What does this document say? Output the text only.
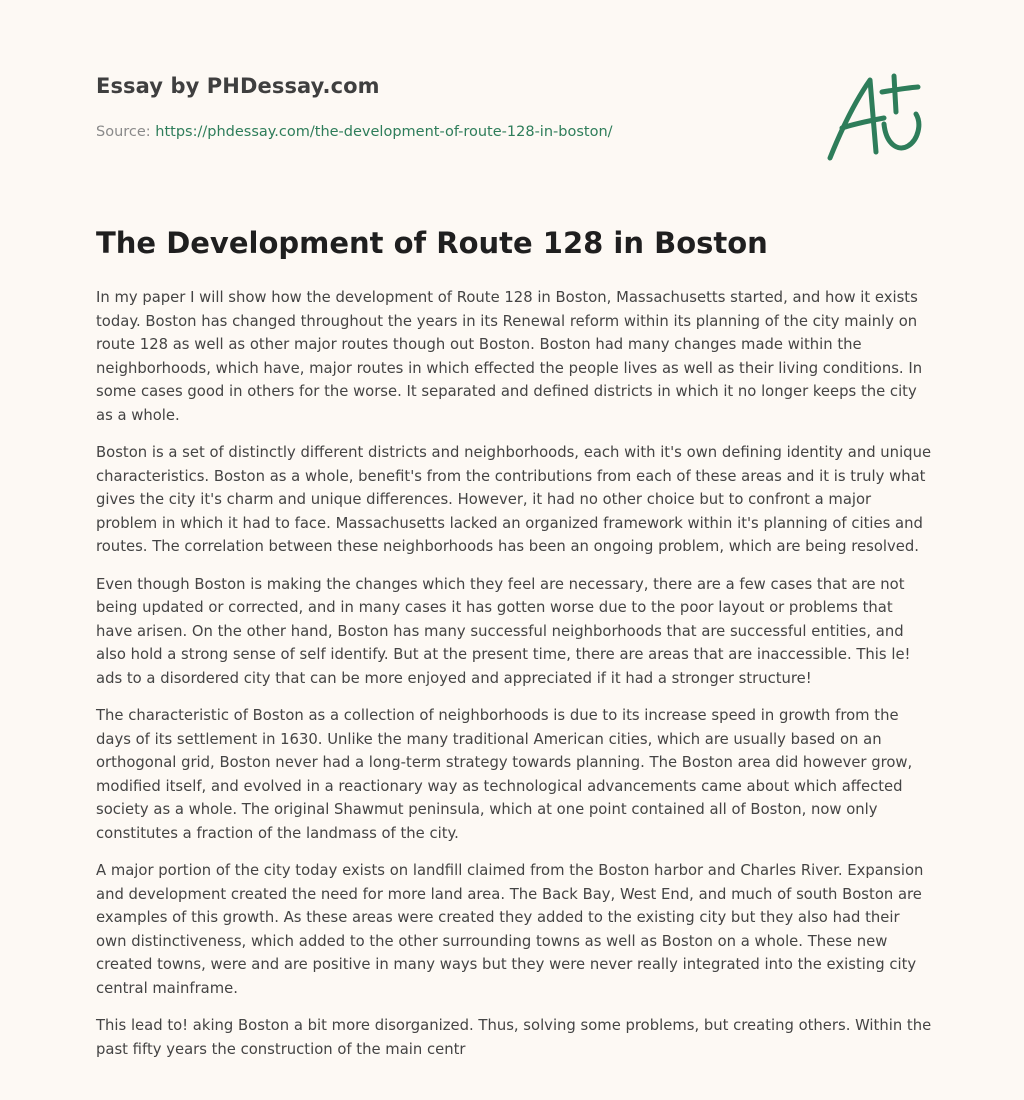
Essay by PHDessay.com
Source: https://phdessay.com/the-development-of-route-128-in-boston/
The Development of Route 128 in Boston

In my paper I will show how the development of Route 128 in Boston, Massachusetts started, and how it exists today. Boston has changed throughout the years in its Renewal reform within its planning of the city mainly on route 128 as well as other major routes though out Boston. Boston had many changes made within the neighborhoods, which have, major routes in which effected the people lives as well as their living conditions. In some cases good in others for the worse. It separated and defined districts in which it no longer keeps the city as a whole.

Boston is a set of distinctly different districts and neighborhoods, each with it's own defining identity and unique characteristics. Boston as a whole, benefit's from the contributions from each of these areas and it is truly what gives the city it's charm and unique differences. However, it had no other choice but to confront a major problem in which it had to face. Massachusetts lacked an organized framework within it's planning of cities and routes. The correlation between these neighborhoods has been an ongoing problem, which are being resolved.

Even though Boston is making the changes which they feel are necessary, there are a few cases that are not being updated or corrected, and in many cases it has gotten worse due to the poor layout or problems that have arisen. On the other hand, Boston has many successful neighborhoods that are successful entities, and also hold a strong sense of self identify. But at the present time, there are areas that are inaccessible. This le! ads to a disordered city that can be more enjoyed and appreciated if it had a stronger structure!

The characteristic of Boston as a collection of neighborhoods is due to its increase speed in growth from the days of its settlement in 1630. Unlike the many traditional American cities, which are usually based on an orthogonal grid, Boston never had a long-term strategy towards planning. The Boston area did however grow, modified itself, and evolved in a reactionary way as technological advancements came about which affected society as a whole. The original Shawmut peninsula, which at one point contained all of Boston, now only constitutes a fraction of the landmass of the city.

A major portion of the city today exists on landfill claimed from the Boston harbor and Charles River. Expansion and development created the need for more land area. The Back Bay, West End, and much of south Boston are examples of this growth. As these areas were created they added to the existing city but they also had their own distinctiveness, which added to the other surrounding towns as well as Boston on a whole. These new created towns, were and are positive in many ways but they were never really integrated into the existing city central mainframe.

This lead to! aking Boston a bit more disorganized. Thus, solving some problems, but creating others. Within the past fifty years the construction of the main centr
